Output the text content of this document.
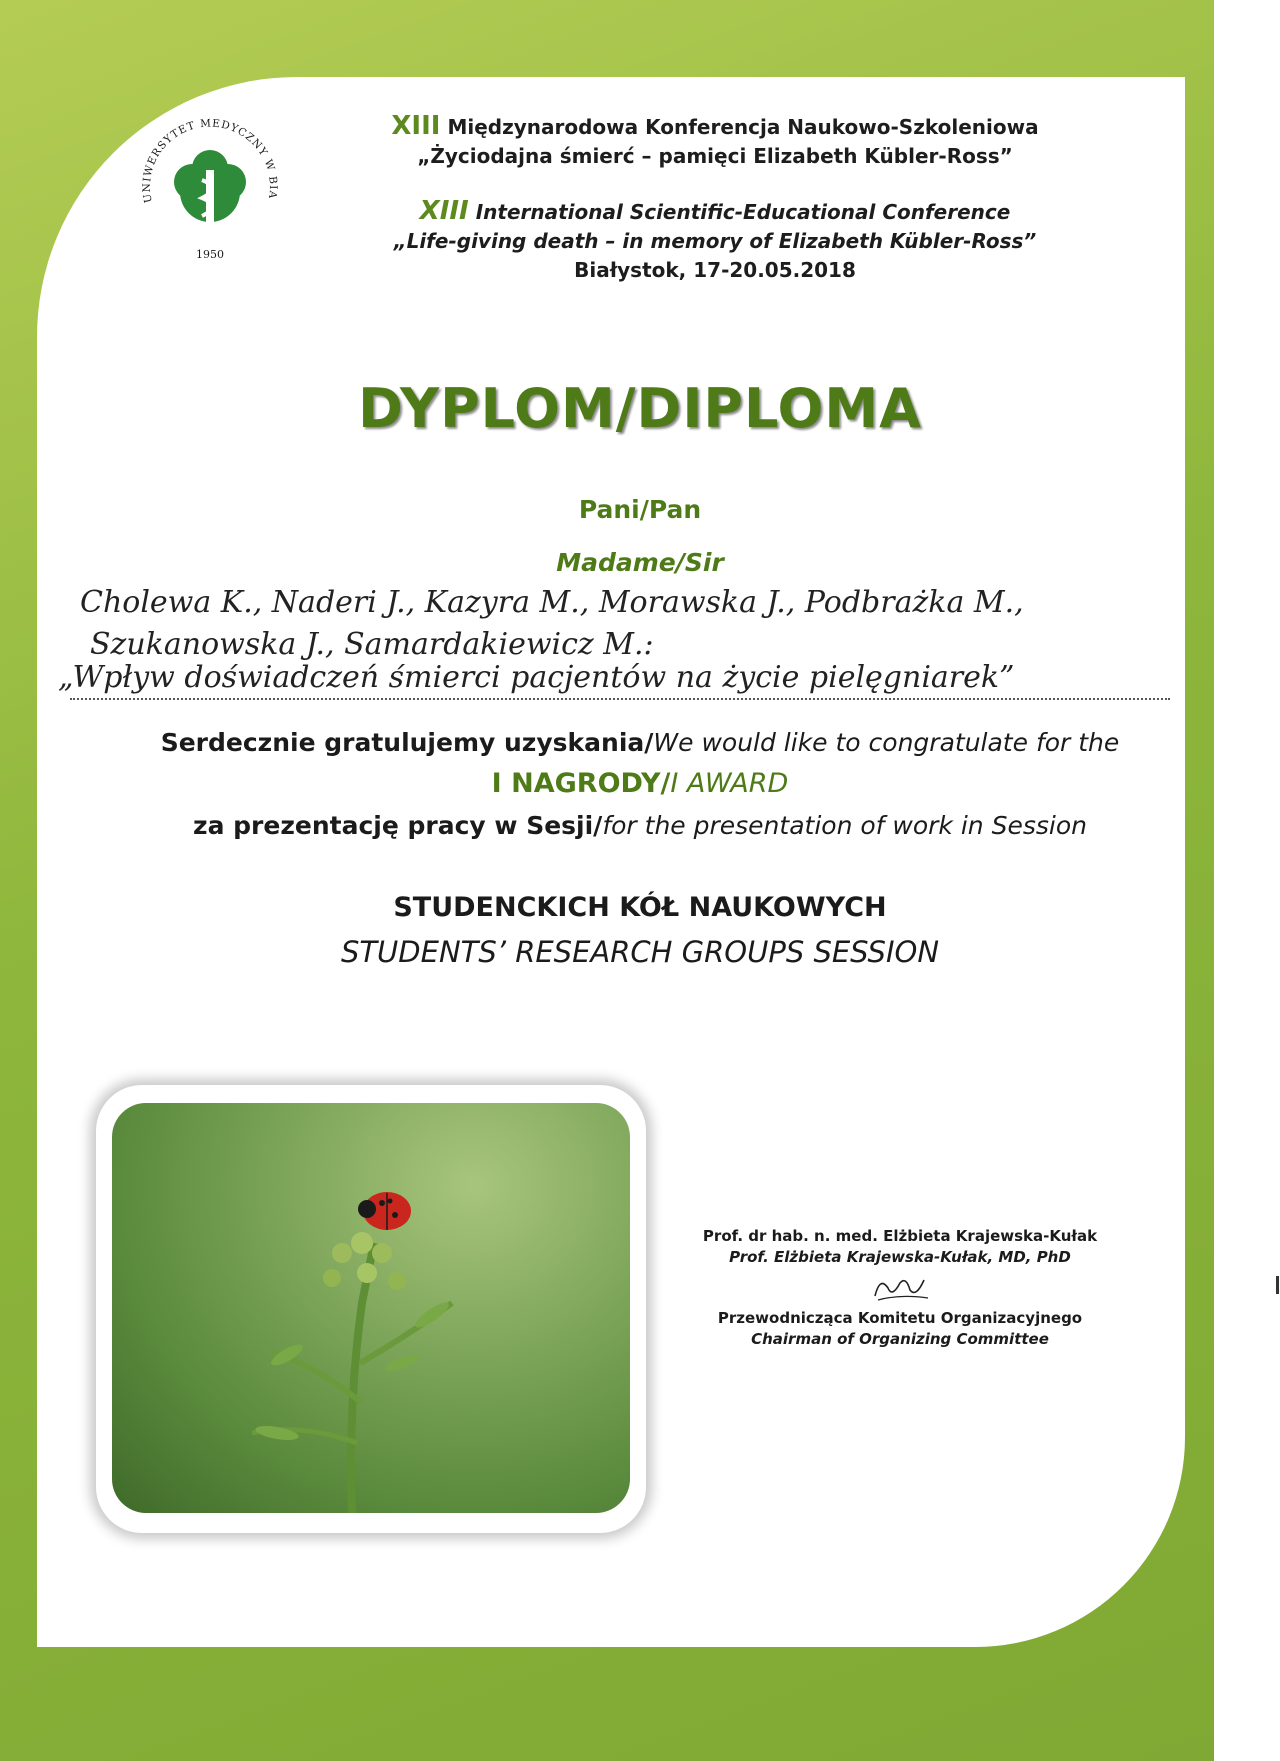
UNIWERSYTET MEDYCZNY W BIA
1950
XIII Międzynarodowa Konferencja Naukowo-Szkoleniowa
„Życiodajna śmierć – pamięci Elizabeth Kübler-Ross”
XIII International Scientific-Educational Conference
„Life-giving death – in memory of Elizabeth Kübler-Ross”
Białystok, 17-20.05.2018
DYPLOM/DIPLOMA
Pani/Pan
Madame/Sir
Cholewa K., Naderi J., Kazyra M., Morawska J., Podbrażka M.,
Szukanowska J., Samardakiewicz M.:
„Wpływ doświadczeń śmierci pacjentów na życie pielęgniarek”
Serdecznie gratulujemy uzyskania/We would like to congratulate for the
I NAGRODY/I AWARD
za prezentację pracy w Sesji/for the presentation of work in Session
STUDENCKICH KÓŁ NAUKOWYCH
STUDENTS’ RESEARCH GROUPS SESSION
Prof. dr hab. n. med. Elżbieta Krajewska-Kułak
Prof. Elżbieta Krajewska-Kułak, MD, PhD
Przewodnicząca Komitetu Organizacyjnego
Chairman of Organizing Committee
